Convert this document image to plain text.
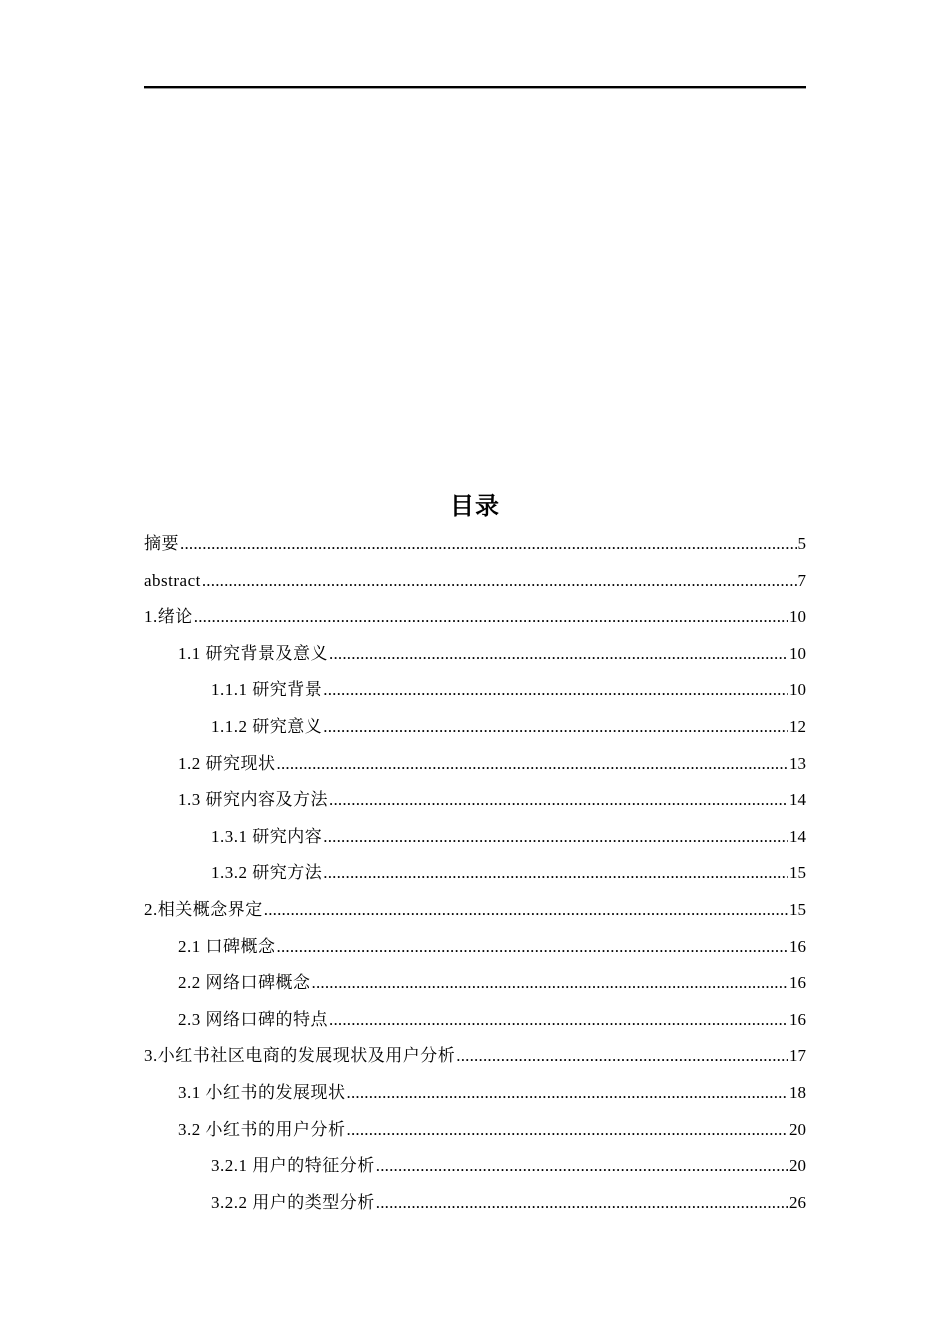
目录
摘要 .....	5
abstract .....	7
1.绪论 .....	10
1.1 研究背景及意义 .....	10
1.1.1 研究背景 .....	10
1.1.2 研究意义 .....	12
1.2 研究现状 .....	13
1.3 研究内容及方法 .....	14
1.3.1 研究内容 .....	14
1.3.2 研究方法 .....	15
2.相关概念界定 .....	15
2.1 口碑概念 .....	16
2.2 网络口碑概念 .....	16
2.3 网络口碑的特点 .....	16
3.小红书社区电商的发展现状及用户分析 .....	17
3.1 小红书的发展现状 .....	18
3.2 小红书的用户分析 .....	20
3.2.1 用户的特征分析 .....	20
3.2.2 用户的类型分析 .....	26
